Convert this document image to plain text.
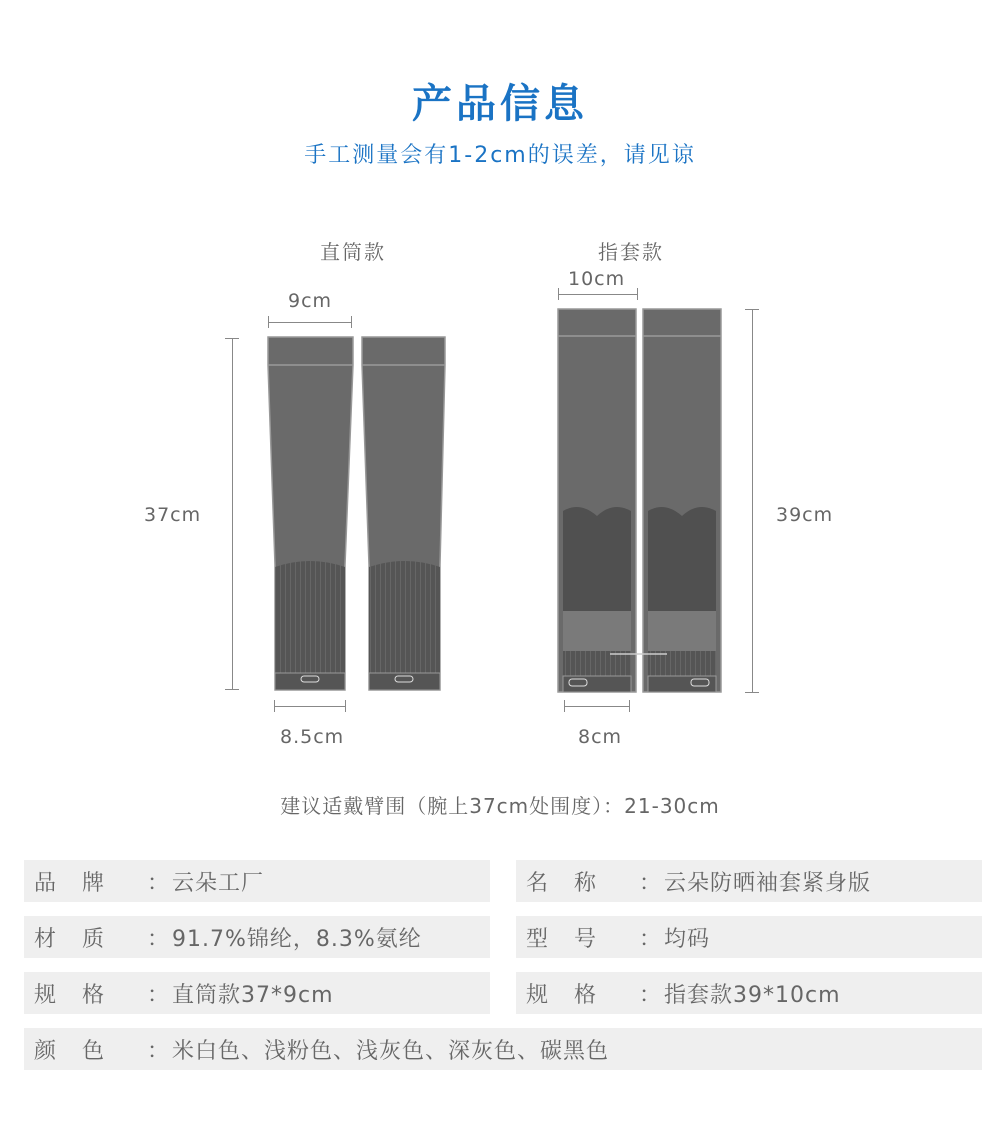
产品信息
手工测量会有1-2cm的误差，请见谅
直筒款
9cm
37cm
8.5cm
指套款
10cm
39cm
8cm
建议适戴臂围（腕上37cm处围度）：21-30cm
品牌 ： 云朵工厂	名称 ： 云朵防晒袖套紧身版
材质 ： 91.7%锦纶，8.3%氨纶	型号 ： 均码
规格 ： 直筒款37*9cm	规格 ： 指套款39*10cm
颜色 ： 米白色、浅粉色、浅灰色、深灰色、碳黑色
